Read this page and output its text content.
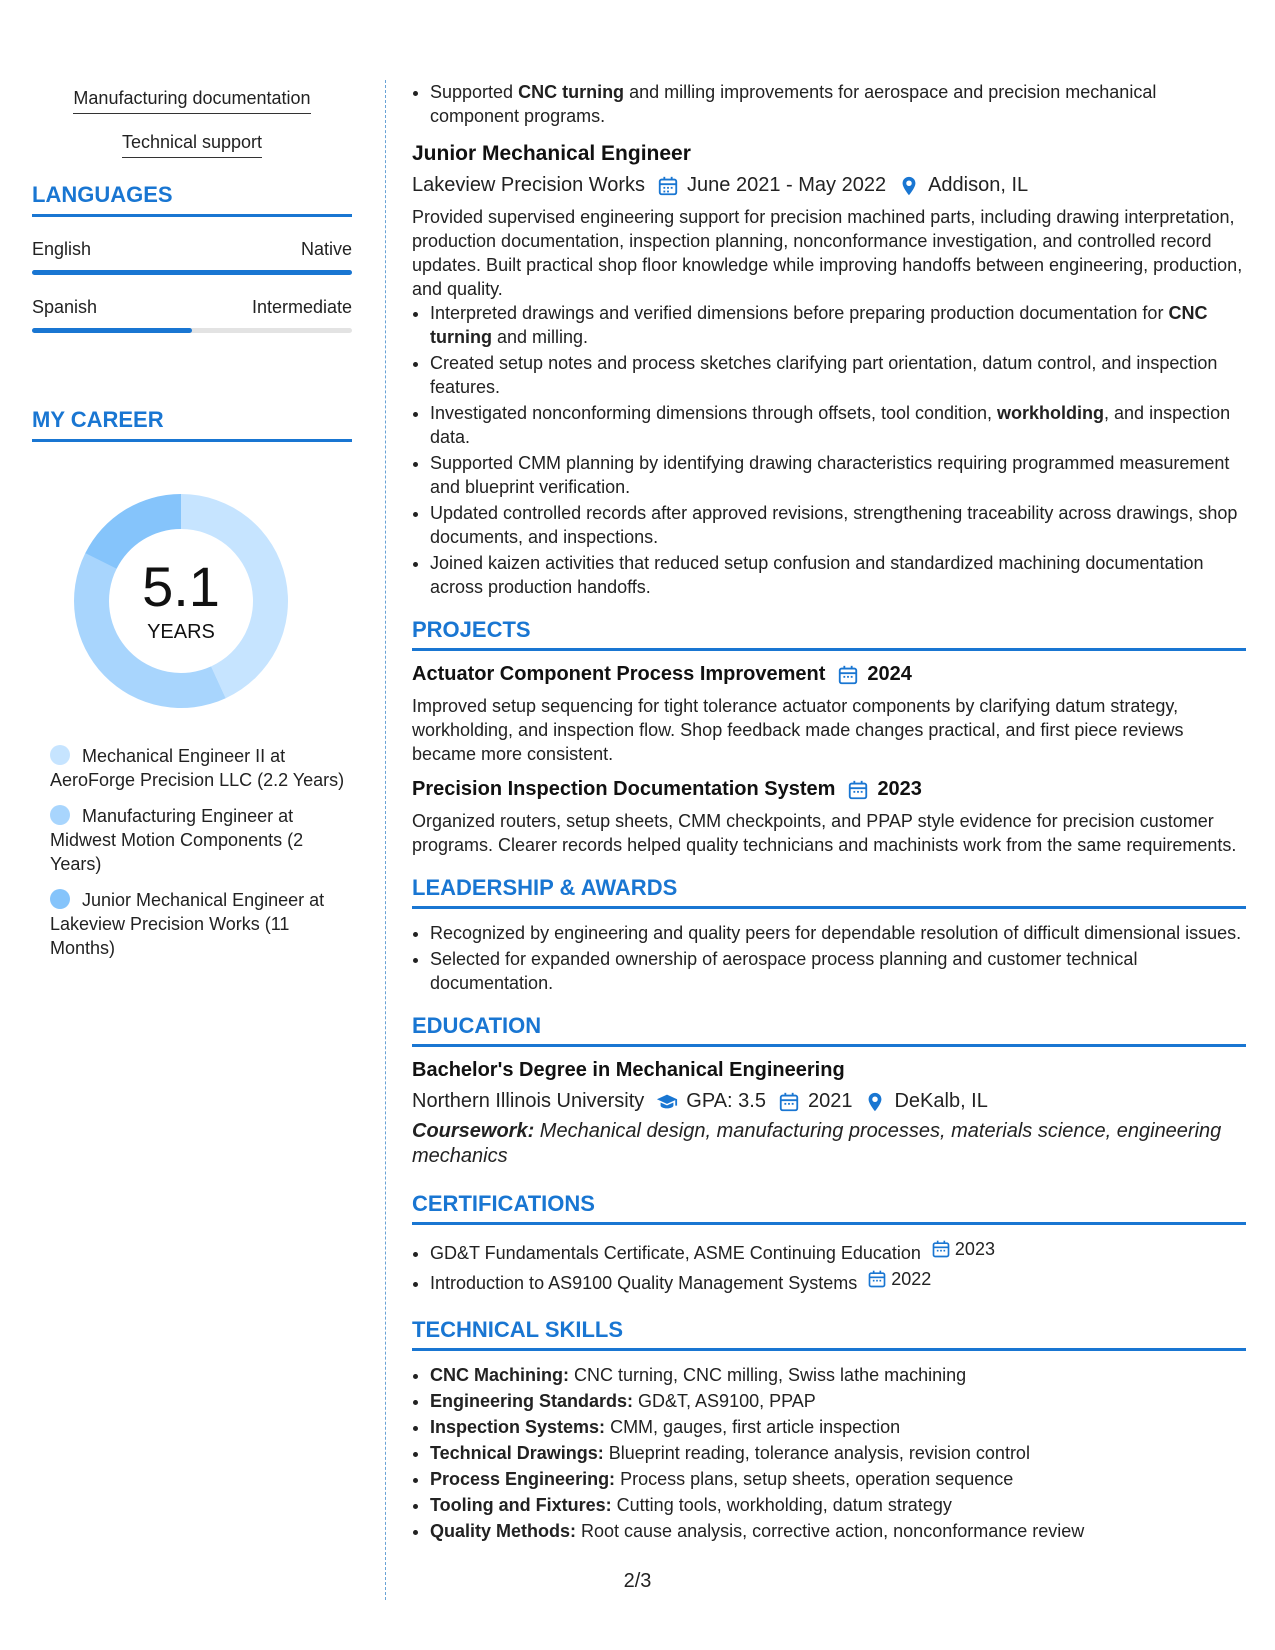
Manufacturing documentation
Technical support
LANGUAGES
English	Native
Spanish	Intermediate
MY CAREER
5.1
YEARS
Mechanical Engineer II at AeroForge Precision LLC (2.2 Years)
Manufacturing Engineer at Midwest Motion Components (2 Years)
Junior Mechanical Engineer at Lakeview Precision Works (11 Months)
• Supported CNC turning and milling improvements for aerospace and precision mechanical component programs.
Junior Mechanical Engineer
Lakeview Precision Works June 2021 - May 2022 Addison, IL
Provided supervised engineering support for precision machined parts, including drawing interpretation, production documentation, inspection planning, nonconformance investigation, and controlled record updates. Built practical shop floor knowledge while improving handoffs between engineering, production, and quality.
• Interpreted drawings and verified dimensions before preparing production documentation for CNC turning and milling.
• Created setup notes and process sketches clarifying part orientation, datum control, and inspection features.
• Investigated nonconforming dimensions through offsets, tool condition, workholding, and inspection data.
• Supported CMM planning by identifying drawing characteristics requiring programmed measurement and blueprint verification.
• Updated controlled records after approved revisions, strengthening traceability across drawings, shop documents, and inspections.
• Joined kaizen activities that reduced setup confusion and standardized machining documentation across production handoffs.
PROJECTS
Actuator Component Process Improvement 2024
Improved setup sequencing for tight tolerance actuator components by clarifying datum strategy, workholding, and inspection flow. Shop feedback made changes practical, and first piece reviews became more consistent.
Precision Inspection Documentation System 2023
Organized routers, setup sheets, CMM checkpoints, and PPAP style evidence for precision customer programs. Clearer records helped quality technicians and machinists work from the same requirements.
LEADERSHIP & AWARDS
• Recognized by engineering and quality peers for dependable resolution of difficult dimensional issues.
• Selected for expanded ownership of aerospace process planning and customer technical documentation.
EDUCATION
Bachelor's Degree in Mechanical Engineering
Northern Illinois University GPA: 3.5 2021 DeKalb, IL
Coursework: Mechanical design, manufacturing processes, materials science, engineering mechanics
CERTIFICATIONS
• GD&T Fundamentals Certificate, ASME Continuing Education 2023
• Introduction to AS9100 Quality Management Systems 2022
TECHNICAL SKILLS
• CNC Machining: CNC turning, CNC milling, Swiss lathe machining
• Engineering Standards: GD&T, AS9100, PPAP
• Inspection Systems: CMM, gauges, first article inspection
• Technical Drawings: Blueprint reading, tolerance analysis, revision control
• Process Engineering: Process plans, setup sheets, operation sequence
• Tooling and Fixtures: Cutting tools, workholding, datum strategy
• Quality Methods: Root cause analysis, corrective action, nonconformance review
2/3
